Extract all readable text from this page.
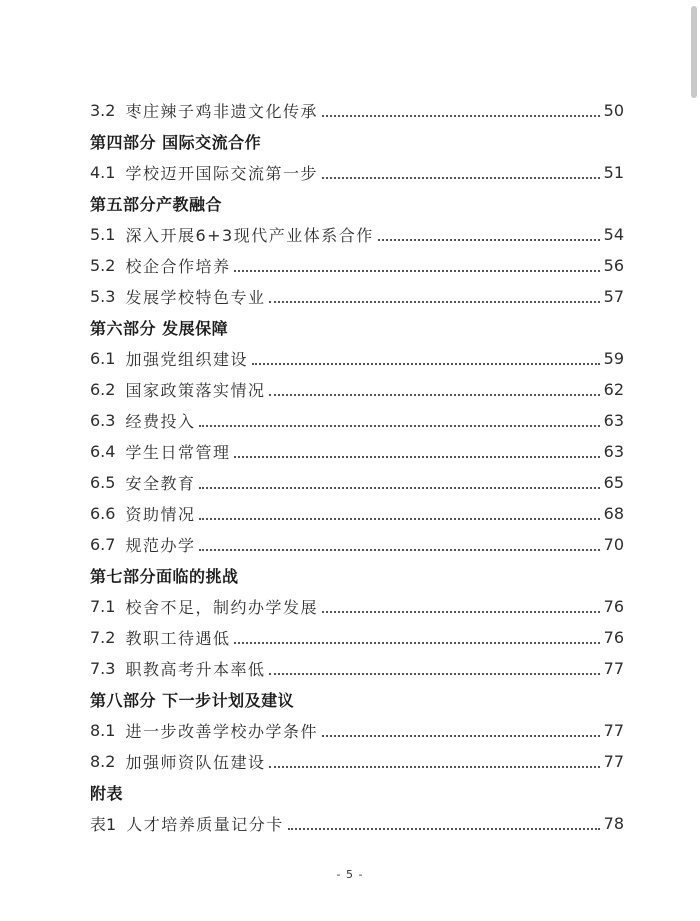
3.2 枣庄辣子鸡非遗文化传承	50
第四部分 国际交流合作
4.1 学校迈开国际交流第一步	51
第五部分产教融合
5.1 深入开展6+3现代产业体系合作	54
5.2 校企合作培养	56
5.3 发展学校特色专业	57
第六部分 发展保障
6.1 加强党组织建设	59
6.2 国家政策落实情况	62
6.3 经费投入	63
6.4 学生日常管理	63
6.5 安全教育	65
6.6 资助情况	68
6.7 规范办学	70
第七部分面临的挑战
7.1 校舍不足，制约办学发展	76
7.2 教职工待遇低	76
7.3 职教高考升本率低	77
第八部分 下一步计划及建议
8.1 进一步改善学校办学条件	77
8.2 加强师资队伍建设	77
附表
表1 人才培养质量记分卡	78
- 5 -
